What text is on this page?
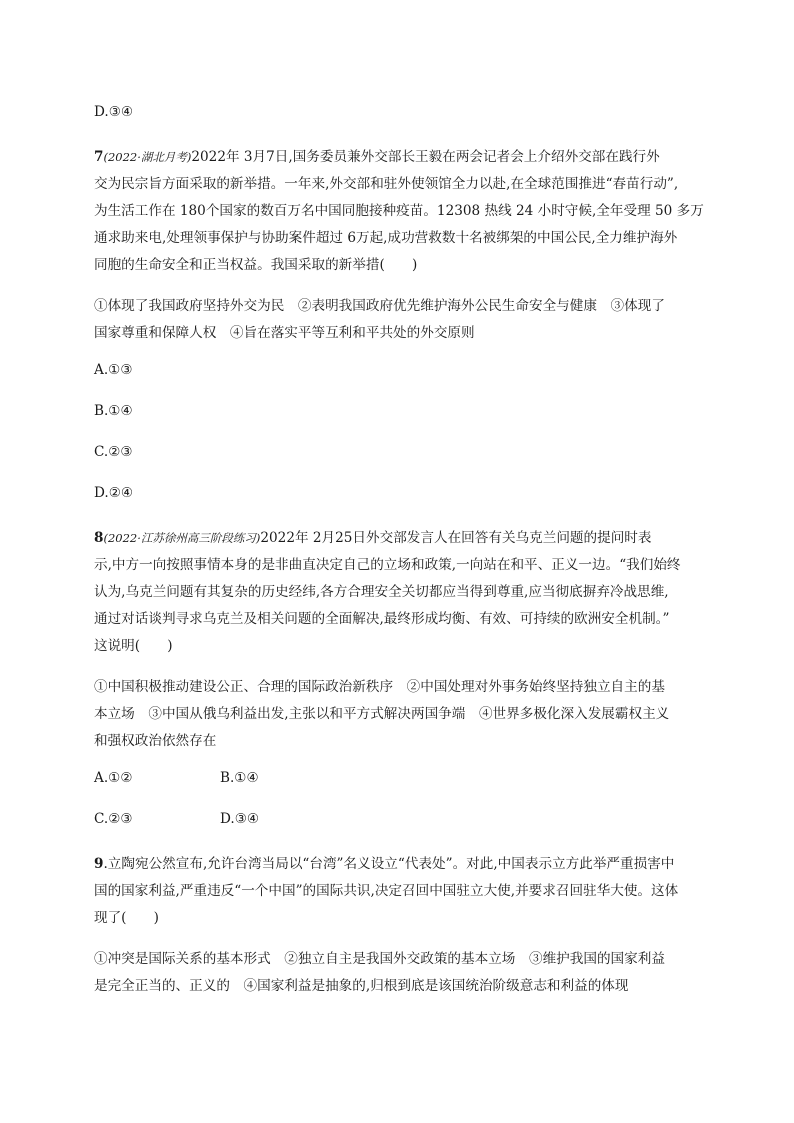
D.③④
7(2022·湖北月考)2022年 3月7日,国务委员兼外交部长王毅在两会记者会上介绍外交部在践行外
交为民宗旨方面采取的新举措。一年来,外交部和驻外使领馆全力以赴,在全球范围推进“春苗行动”,
为生活工作在 180个国家的数百万名中国同胞接种疫苗。12308 热线 24 小时守候,全年受理 50 多万
通求助来电,处理领事保护与协助案件超过 6万起,成功营救数十名被绑架的中国公民,全力维护海外
同胞的生命安全和正当权益。我国采取的新举措(　　)
①体现了我国政府坚持外交为民　②表明我国政府优先维护海外公民生命安全与健康　③体现了
国家尊重和保障人权　④旨在落实平等互利和平共处的外交原则
A.①③
B.①④
C.②③
D.②④
8(2022·江苏徐州高三阶段练习)2022年 2月25日外交部发言人在回答有关乌克兰问题的提问时表
示,中方一向按照事情本身的是非曲直决定自己的立场和政策,一向站在和平、正义一边。“我们始终
认为,乌克兰问题有其复杂的历史经纬,各方合理安全关切都应当得到尊重,应当彻底摒弃冷战思维,
通过对话谈判寻求乌克兰及相关问题的全面解决,最终形成均衡、有效、可持续的欧洲安全机制。”
这说明(　　)
①中国积极推动建设公正、合理的国际政治新秩序　②中国处理对外事务始终坚持独立自主的基
本立场　③中国从俄乌利益出发,主张以和平方式解决两国争端　④世界多极化深入发展霸权主义
和强权政治依然存在
A.①②	B.①④
C.②③	D.③④
9.立陶宛公然宣布,允许台湾当局以“台湾”名义设立“代表处”。对此,中国表示立方此举严重损害中
国的国家利益,严重违反“一个中国”的国际共识,决定召回中国驻立大使,并要求召回驻华大使。这体
现了(　　)
①冲突是国际关系的基本形式　②独立自主是我国外交政策的基本立场　③维护我国的国家利益
是完全正当的、正义的　④国家利益是抽象的,归根到底是该国统治阶级意志和利益的体现
